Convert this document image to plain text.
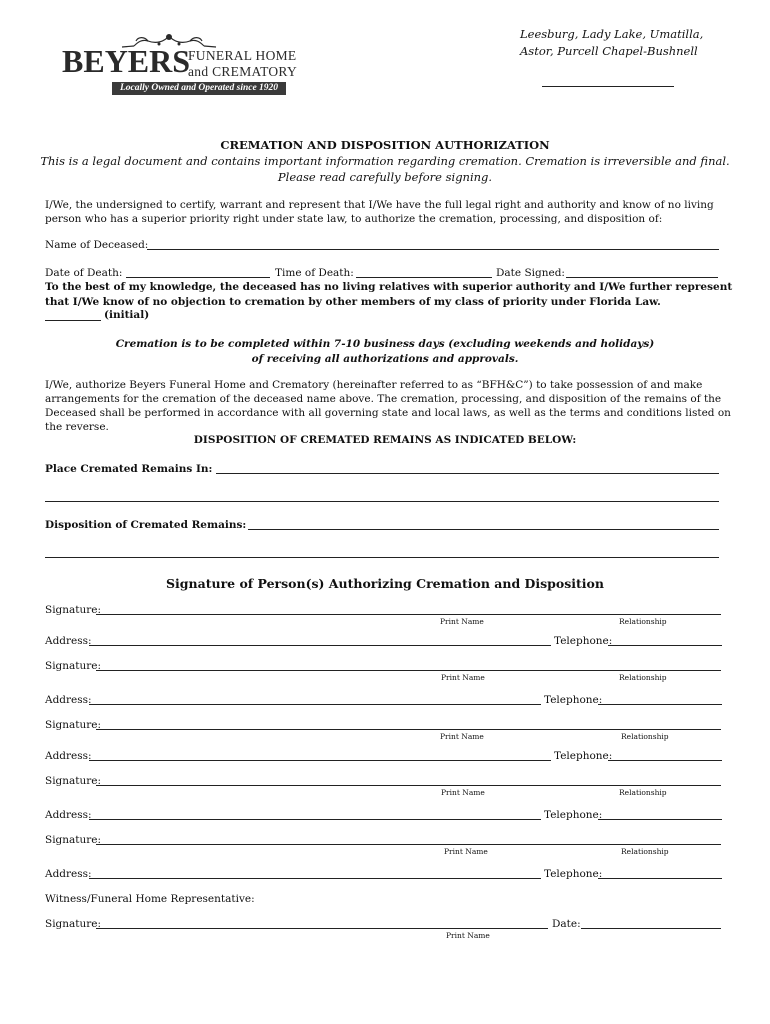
BEYERS
FUNERAL HOME
and CREMATORY
Locally Owned and Operated since 1920
Leesburg, Lady Lake, Umatilla,
Astor, Purcell Chapel-Bushnell
CREMATION AND DISPOSITION AUTHORIZATION
This is a legal document and contains important information regarding cremation. Cremation is irreversible and final. Please read carefully before signing.
I/We, the undersigned to certify, warrant and represent that I/We have the full legal right and authority and know of no living person who has a superior priority right under state law, to authorize the cremation, processing, and disposition of:
Name of Deceased:
Date of Death:	Time of Death:	Date Signed:
To the best of my knowledge, the deceased has no living relatives with superior authority and I/We further represent that I/We know of no objection to cremation by other members of my class of priority under Florida Law.
(initial)
Cremation is to be completed within 7-10 business days (excluding weekends and holidays)
of receiving all authorizations and approvals.
I/We, authorize Beyers Funeral Home and Crematory (hereinafter referred to as “BFH&C”) to take possession of and make arrangements for the cremation of the deceased name above. The cremation, processing, and disposition of the remains of the Deceased shall be performed in accordance with all governing state and local laws, as well as the terms and conditions listed on the reverse.
DISPOSITION OF CREMATED REMAINS AS INDICATED BELOW:
Place Cremated Remains In:
Disposition of Cremated Remains:
Signature of Person(s) Authorizing Cremation and Disposition
Signature:
Print Name	Relationship
Address:	Telephone:
Signature:
Print Name	Relationship
Address:	Telephone:
Signature:
Print Name	Relationship
Address:	Telephone:
Signature:
Print Name	Relationship
Address:	Telephone:
Signature:
Print Name	Relationship
Address:	Telephone:
Witness/Funeral Home Representative:
Signature:	Date:
Print Name
